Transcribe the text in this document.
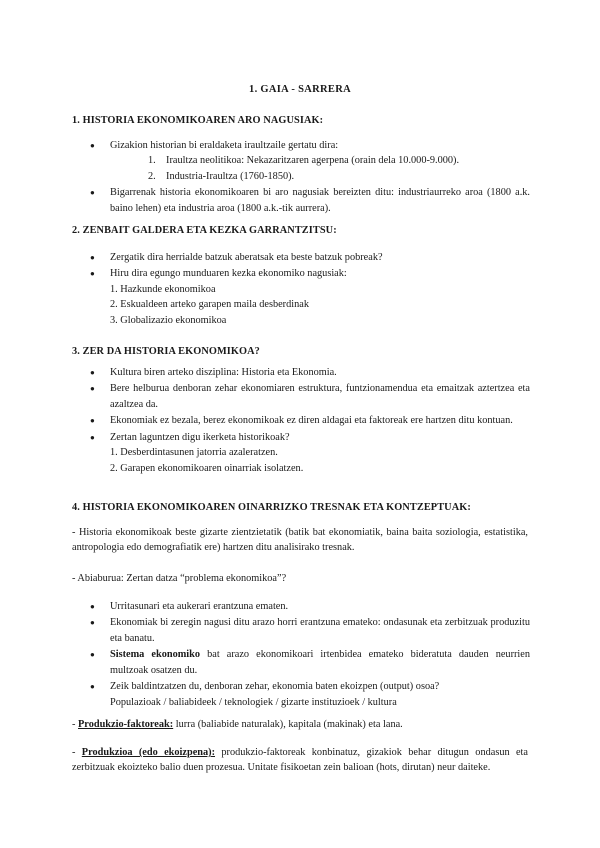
1. GAIA - SARRERA
1. HISTORIA EKONOMIKOAREN ARO NAGUSIAK:
● Gizakion historian bi eraldaketa iraultzaile gertatu dira:
1. Iraultza neolitikoa: Nekazaritzaren agerpena (orain dela 10.000-9.000).
2. Industria-Iraultza (1760-1850).
● Bigarrenak historia ekonomikoaren bi aro nagusiak bereizten ditu: industriaurreko aroa (1800 a.k. baino lehen) eta industria aroa (1800 a.k.-tik aurrera).
2. ZENBAIT GALDERA ETA KEZKA GARRANTZITSU:
● Zergatik dira herrialde batzuk aberatsak eta beste batzuk pobreak?
● Hiru dira egungo munduaren kezka ekonomiko nagusiak:
1. Hazkunde ekonomikoa
2. Eskualdeen arteko garapen maila desberdinak
3. Globalizazio ekonomikoa
3. ZER DA HISTORIA EKONOMIKOA?
● Kultura biren arteko disziplina: Historia eta Ekonomia.
● Bere helburua denboran zehar ekonomiaren estruktura, funtzionamendua eta emaitzak aztertzea eta azaltzea da.
● Ekonomiak ez bezala, berez ekonomikoak ez diren aldagai eta faktoreak ere hartzen ditu kontuan.
● Zertan laguntzen digu ikerketa historikoak?
1. Desberdintasunen jatorria azaleratzen.
2. Garapen ekonomikoaren oinarriak isolatzen.
4. HISTORIA EKONOMIKOAREN OINARRIZKO TRESNAK ETA KONTZEPTUAK:
- Historia ekonomikoak beste gizarte zientzietatik (batik bat ekonomiatik, baina baita soziologia, estatistika, antropologia edo demografiatik ere) hartzen ditu analisirako tresnak.
- Abiaburua: Zertan datza “problema ekonomikoa”?
● Urritasunari eta aukerari erantzuna ematen.
● Ekonomiak bi zeregin nagusi ditu arazo horri erantzuna emateko: ondasunak eta zerbitzuak produzitu eta banatu.
● Sistema ekonomiko bat arazo ekonomikoari irtenbidea emateko bideratuta dauden neurrien multzoak osatzen du.
● Zeik baldintzatzen du, denboran zehar, ekonomia baten ekoizpen (output) osoa?
Populazioak / baliabideek / teknologiek / gizarte instituzioek / kultura
- Produkzio-faktoreak: lurra (baliabide naturalak), kapitala (makinak) eta lana.
- Produkzioa (edo ekoizpena): produkzio-faktoreak konbinatuz, gizakiok behar ditugun ondasun eta zerbitzuak ekoizteko balio duen prozesua. Unitate fisikoetan zein balioan (hots, dirutan) neur daiteke.
